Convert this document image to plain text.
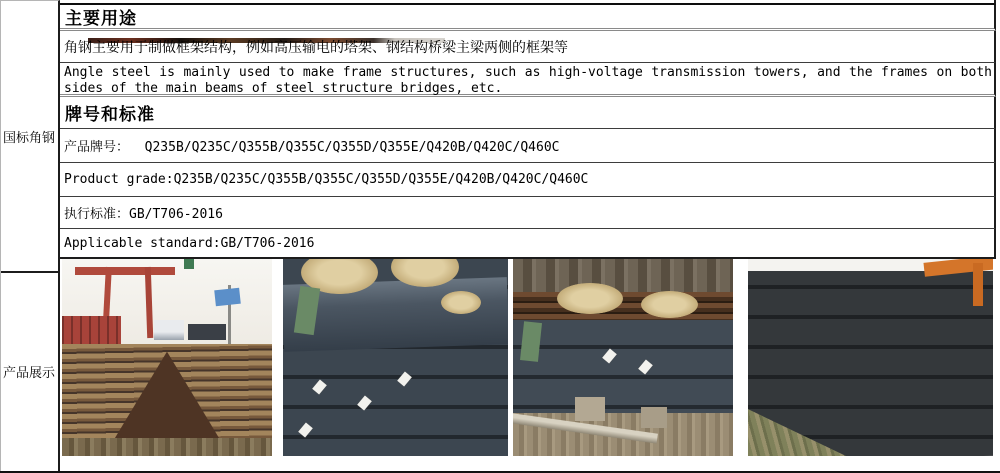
国标角钢
产品展示

主要用途
角钢主要用于制做框架结构，例如高压输电的塔架、钢结构桥梁主梁两侧的框架等
Angle steel is mainly used to make frame structures, such as high-voltage transmission towers, and the frames on both sides of the main beams of steel structure bridges, etc.
牌号和标准
产品牌号：  Q235B/Q235C/Q355B/Q355C/Q355D/Q355E/Q420B/Q420C/Q460C
Product grade:Q235B/Q235C/Q355B/Q355C/Q355D/Q355E/Q420B/Q420C/Q460C
执行标准：GB/T706-2016
Applicable standard:GB/T706-2016
